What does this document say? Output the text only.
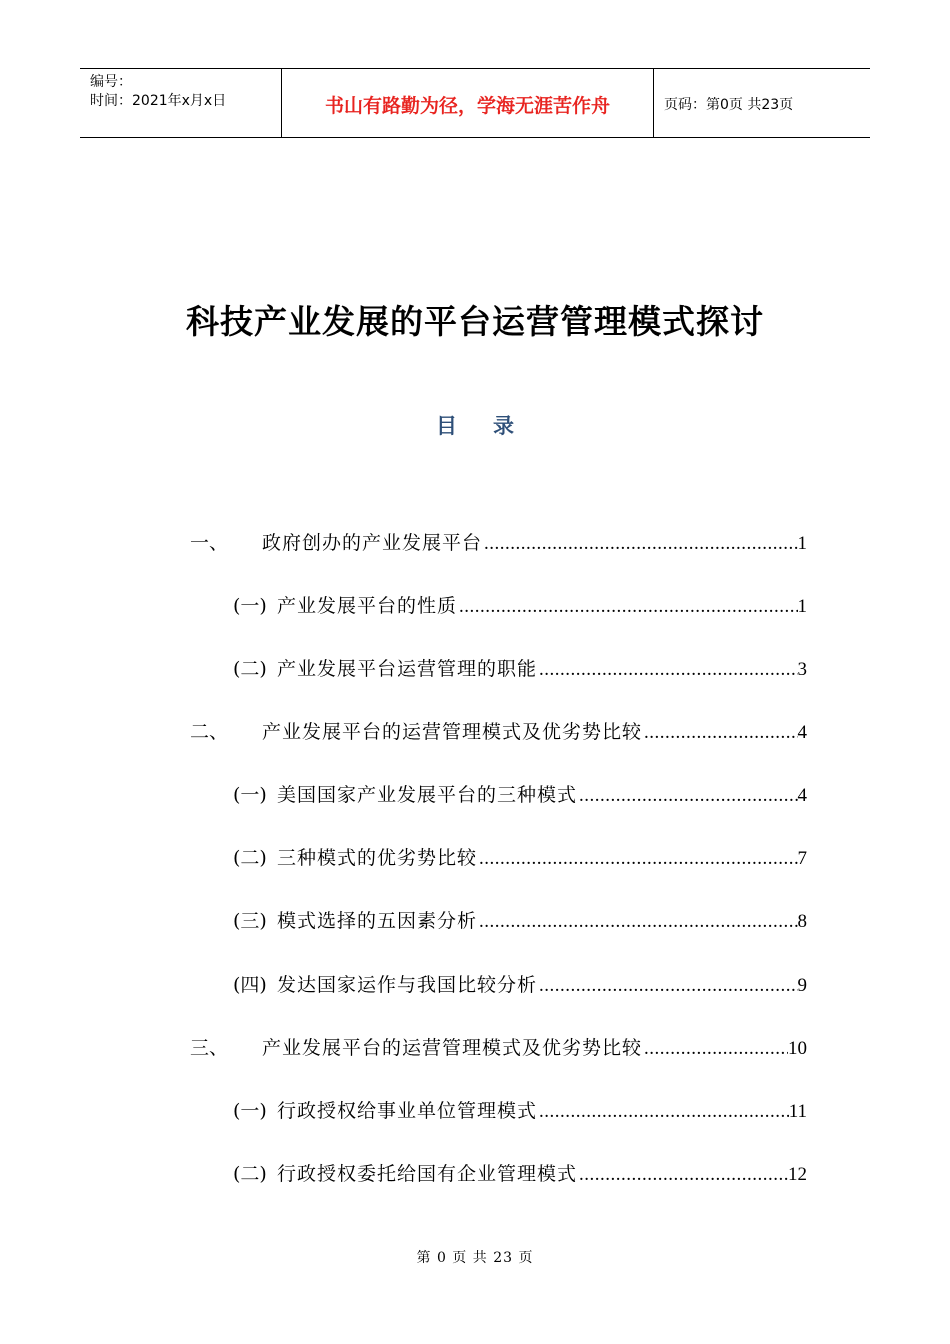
编号：
时间：2021年x月x日	书山有路勤为径，学海无涯苦作舟	页码：第0页 共23页
科技产业发展的平台运营管理模式探讨
目 录
一、	政府创办的产业发展平台 .....	1
(一) 产业发展平台的性质 .....	1
(二) 产业发展平台运营管理的职能 .....	3
二、	产业发展平台的运营管理模式及优劣势比较 .....	4
(一) 美国国家产业发展平台的三种模式 .....	4
(二) 三种模式的优劣势比较 .....	7
(三) 模式选择的五因素分析 .....	8
(四) 发达国家运作与我国比较分析 .....	9
三、	产业发展平台的运营管理模式及优劣势比较 .....	10
(一) 行政授权给事业单位管理模式 .....	11
(二) 行政授权委托给国有企业管理模式 .....	12
第 0 页 共 23 页
